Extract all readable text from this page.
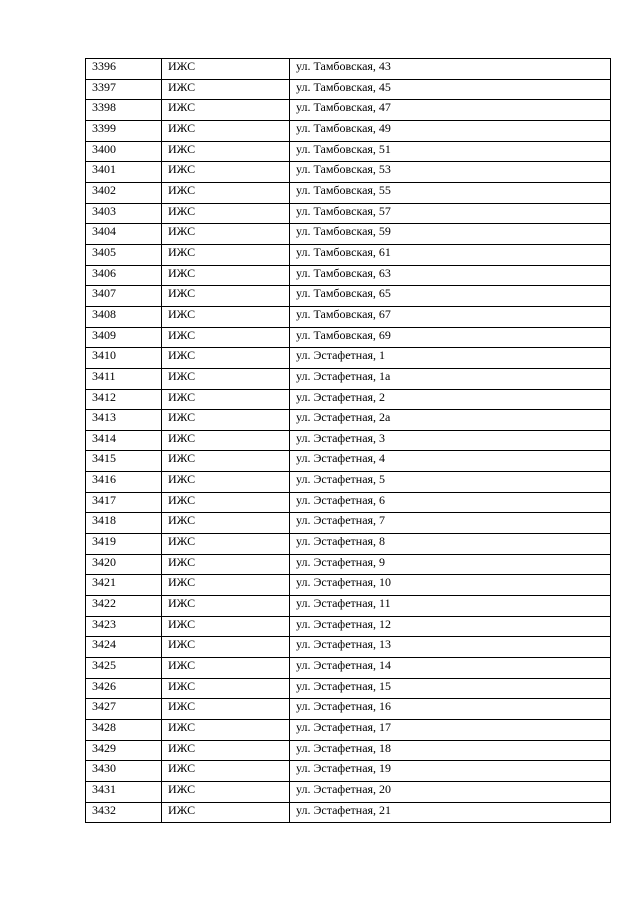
3396	ИЖС	ул. Тамбовская, 43
3397	ИЖС	ул. Тамбовская, 45
3398	ИЖС	ул. Тамбовская, 47
3399	ИЖС	ул. Тамбовская, 49
3400	ИЖС	ул. Тамбовская, 51
3401	ИЖС	ул. Тамбовская, 53
3402	ИЖС	ул. Тамбовская, 55
3403	ИЖС	ул. Тамбовская, 57
3404	ИЖС	ул. Тамбовская, 59
3405	ИЖС	ул. Тамбовская, 61
3406	ИЖС	ул. Тамбовская, 63
3407	ИЖС	ул. Тамбовская, 65
3408	ИЖС	ул. Тамбовская, 67
3409	ИЖС	ул. Тамбовская, 69
3410	ИЖС	ул. Эстафетная, 1
3411	ИЖС	ул. Эстафетная, 1а
3412	ИЖС	ул. Эстафетная, 2
3413	ИЖС	ул. Эстафетная, 2а
3414	ИЖС	ул. Эстафетная, 3
3415	ИЖС	ул. Эстафетная, 4
3416	ИЖС	ул. Эстафетная, 5
3417	ИЖС	ул. Эстафетная, 6
3418	ИЖС	ул. Эстафетная, 7
3419	ИЖС	ул. Эстафетная, 8
3420	ИЖС	ул. Эстафетная, 9
3421	ИЖС	ул. Эстафетная, 10
3422	ИЖС	ул. Эстафетная, 11
3423	ИЖС	ул. Эстафетная, 12
3424	ИЖС	ул. Эстафетная, 13
3425	ИЖС	ул. Эстафетная, 14
3426	ИЖС	ул. Эстафетная, 15
3427	ИЖС	ул. Эстафетная, 16
3428	ИЖС	ул. Эстафетная, 17
3429	ИЖС	ул. Эстафетная, 18
3430	ИЖС	ул. Эстафетная, 19
3431	ИЖС	ул. Эстафетная, 20
3432	ИЖС	ул. Эстафетная, 21
